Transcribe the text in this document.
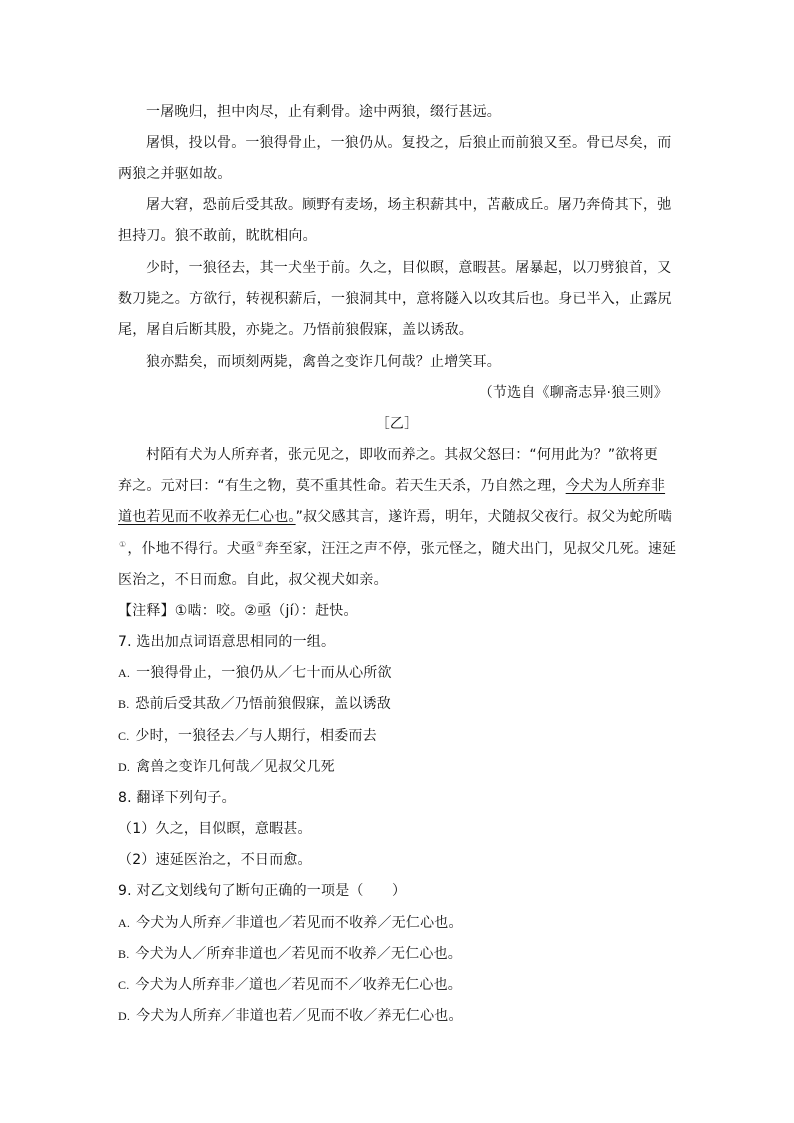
一屠晚归，担中肉尽，止有剩骨。途中两狼，缀行甚远。
屠惧，投以骨。一狼得骨止，一狼仍从。复投之，后狼止而前狼又至。骨已尽矣，而
两狼之并驱如故。
屠大窘，恐前后受其敌。顾野有麦场，场主积薪其中，苫蔽成丘。屠乃奔倚其下，弛
担持刀。狼不敢前，眈眈相向。
少时，一狼径去，其一犬坐于前。久之，目似瞑，意暇甚。屠暴起，以刀劈狼首，又
数刀毙之。方欲行，转视积薪后，一狼洞其中，意将隧入以攻其后也。身已半入，止露尻
尾，屠自后断其股，亦毙之。乃悟前狼假寐，盖以诱敌。
狼亦黠矣，而顷刻两毙，禽兽之变诈几何哉？止增笑耳。
（节选自《聊斋志异·狼三则》
［乙］
村陌有犬为人所弃者，张元见之，即收而养之。其叔父怒曰：“何用此为？”欲将更
弃之。元对曰：“有生之物，莫不重其性命。若天生天杀，乃自然之理，今犬为人所弃非
道也若见而不收养无仁心也。”叔父感其言，遂许焉，明年，犬随叔父夜行。叔父为蛇所啮
①，仆地不得行。犬亟②奔至家，汪汪之声不停，张元怪之，随犬出门，见叔父几死。速延
医治之，不日而愈。自此，叔父视犬如亲。
【注释】①啮：咬。②亟（jí）：赶快。
7. 选出加点词语意思相同的一组。
A. 一狼得骨止，一狼仍从／七十而从心所欲
B. 恐前后受其敌／乃悟前狼假寐，盖以诱敌
C. 少时，一狼径去／与人期行，相委而去
D. 禽兽之变诈几何哉／见叔父几死
8. 翻译下列句子。
（1）久之，目似瞑，意暇甚。
（2）速延医治之，不日而愈。
9. 对乙文划线句了断句正确的一项是（　　）
A. 今犬为人所弃／非道也／若见而不收养／无仁心也。
B. 今犬为人／所弃非道也／若见而不收养／无仁心也。
C. 今犬为人所弃非／道也／若见而不／收养无仁心也。
D. 今犬为人所弃／非道也若／见而不收／养无仁心也。
